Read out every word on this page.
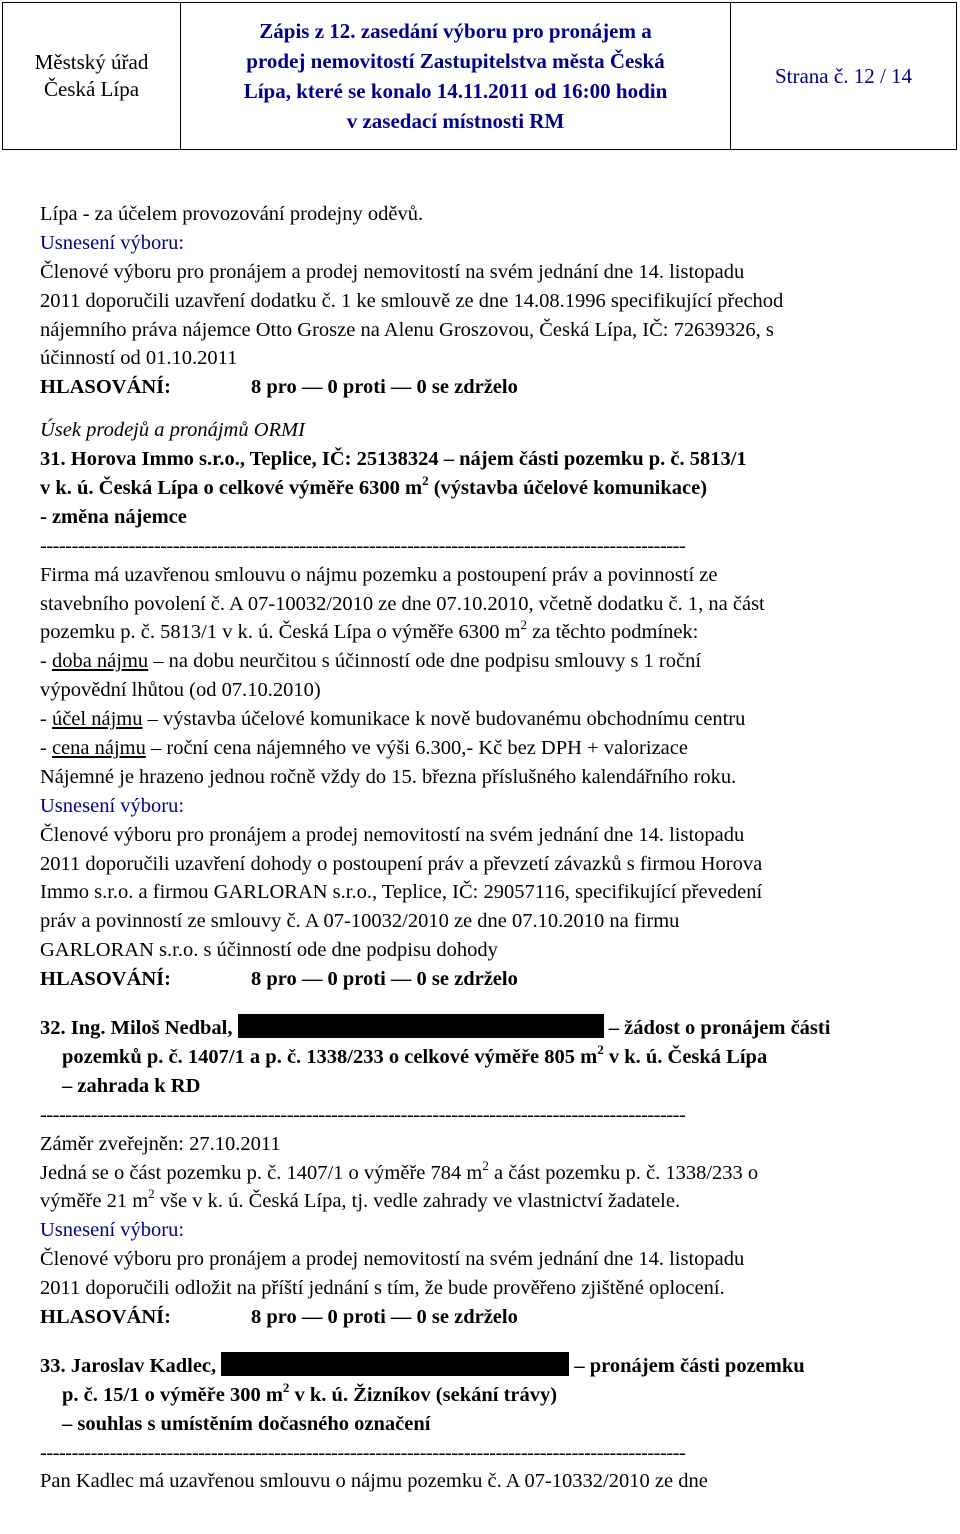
Městský úřad
Česká Lípa
Zápis z 12. zasedání výboru pro pronájem a
prodej nemovitostí Zastupitelstva města Česká
Lípa, které se konalo 14.11.2011 od 16:00 hodin
v zasedací místnosti RM
Strana č. 12 / 14
Lípa - za účelem provozování prodejny oděvů.
Usnesení výboru:
Členové výboru pro pronájem a prodej nemovitostí na svém jednání dne 14. listopadu
2011 doporučili uzavření dodatku č. 1 ke smlouvě ze dne 14.08.1996 specifikující přechod
nájemního práva nájemce Otto Grosze na Alenu Groszovou, Česká Lípa, IČ: 72639326, s
účinností od 01.10.2011
HLASOVÁNÍ:	8 pro — 0 proti — 0 se zdrželo
Úsek prodejů a pronájmů ORMI
31. Horova Immo s.r.o., Teplice, IČ: 25138324 – nájem části pozemku p. č. 5813/1
v k. ú. Česká Lípa o celkové výměře 6300 $m^2$ (výstavba účelové komunikace)
- změna nájemce
------------------------------------------------------------------------------------------------------
Firma má uzavřenou smlouvu o nájmu pozemku a postoupení práv a povinností ze
stavebního povolení č. A 07-10032/2010 ze dne 07.10.2010, včetně dodatku č. 1, na část
pozemku p. č. 5813/1 v k. ú. Česká Lípa o výměře 6300 $m^2$ za těchto podmínek:
- doba nájmu – na dobu neurčitou s účinností ode dne podpisu smlouvy s 1 roční
výpovědní lhůtou (od 07.10.2010)
- účel nájmu – výstavba účelové komunikace k nově budovanému obchodnímu centru
- cena nájmu – roční cena nájemného ve výši 6.300,- Kč bez DPH + valorizace
Nájemné je hrazeno jednou ročně vždy do 15. března příslušného kalendářního roku.
Usnesení výboru:
Členové výboru pro pronájem a prodej nemovitostí na svém jednání dne 14. listopadu
2011 doporučili uzavření dohody o postoupení práv a převzetí závazků s firmou Horova
Immo s.r.o. a firmou GARLORAN s.r.o., Teplice, IČ: 29057116, specifikující převedení
práv a povinností ze smlouvy č. A 07-10032/2010 ze dne 07.10.2010 na firmu
GARLORAN s.r.o. s účinností ode dne podpisu dohody
HLASOVÁNÍ:	8 pro — 0 proti — 0 se zdrželo
32. Ing. Miloš Nedbal,	– žádost o pronájem části
pozemků p. č. 1407/1 a p. č. 1338/233 o celkové výměře 805 $m^2$ v k. ú. Česká Lípa
– zahrada k RD
------------------------------------------------------------------------------------------------------
Záměr zveřejněn: 27.10.2011
Jedná se o část pozemku p. č. 1407/1 o výměře 784 $m^2$ a část pozemku p. č. 1338/233 o
výměře 21 $m^2$ vše v k. ú. Česká Lípa, tj. vedle zahrady ve vlastnictví žadatele.
Usnesení výboru:
Členové výboru pro pronájem a prodej nemovitostí na svém jednání dne 14. listopadu
2011 doporučili odložit na příští jednání s tím, že bude prověřeno zjištěné oplocení.
HLASOVÁNÍ:	8 pro — 0 proti — 0 se zdrželo
33. Jaroslav Kadlec,	– pronájem části pozemku
p. č. 15/1 o výměře 300 $m^2$ v k. ú. Žizníkov (sekání trávy)
– souhlas s umístěním dočasného označení
------------------------------------------------------------------------------------------------------
Pan Kadlec má uzavřenou smlouvu o nájmu pozemku č. A 07-10332/2010 ze dne
